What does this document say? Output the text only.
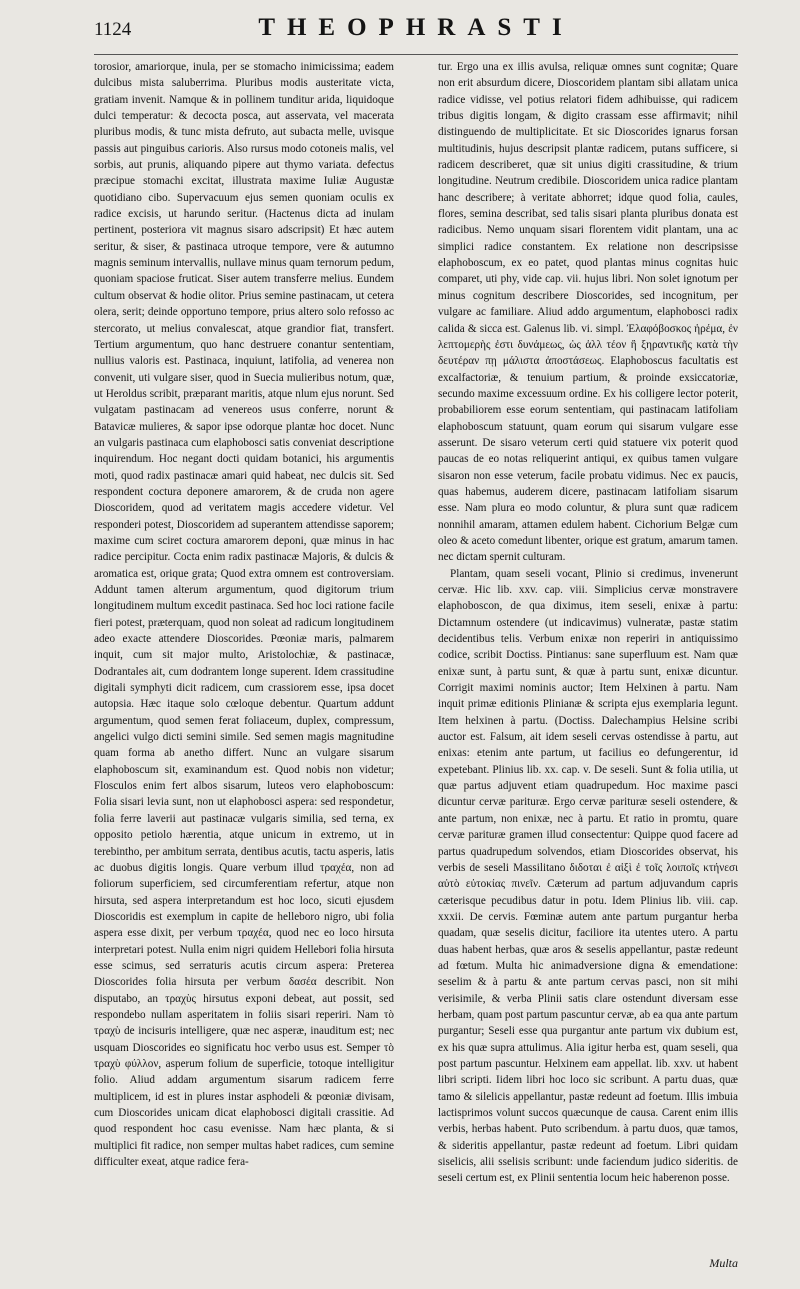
1124	THEOPHRASTI

torosior, amariorque, inula, per se stomacho inimicissima; eadem dulcibus mista saluberrima. Pluribus modis austeritate victa, gratiam invenit. Namque & in pollinem tunditur arida, liquidoque dulci temperatur: & decocta posca, aut asservata, vel macerata pluribus modis, & tunc mista defruto, aut subacta melle, uvisque passis aut pinguibus carioris. Also rursus modo cotoneis malis, vel sorbis, aut prunis, aliquando pipere aut thymo variata. defectus præcipue stomachi excitat, illustrata maxime Iuliæ Augustæ quotidiano cibo. Supervacuum ejus semen quoniam oculis ex radice excisis, ut harundo seritur. (Hactenus dicta ad inulam pertinent, posteriora vit magnus sisaro adscripsit) Et hæc autem seritur, & siser, & pastinaca utroque tempore, vere & autumno magnis seminum intervallis, nullave minus quam ternorum pedum, quoniam spaciose fruticat. Siser autem transferre melius. Eundem cultum observat & hodie olitor. Prius semine pastinacam, ut cetera olera, serit; deinde opportuno tempore, prius altero solo refosso ac stercorato, ut melius convalescat, atque grandior fiat, transfert. Tertium argumentum, quo hanc destruere conantur sententiam, nullius valoris est. Pastinaca, inquiunt, latifolia, ad venerea non convenit, uti vulgare siser, quod in Suecia mulieribus notum, quæ, ut Heroldus scribit, præparant maritis, atque nlum ejus norunt. Sed vulgatam pastinacam ad venereos usus conferre, norunt & Batavicæ mulieres, & sapor ipse odorque plantæ hoc docet. Nunc an vulgaris pastinaca cum elaphobosci satis conveniat descriptione inquirendum. Hoc negant docti quidam botanici, his argumentis moti, quod radix pastinacæ amari quid habeat, nec dulcis sit. Sed respondent coctura deponere amarorem, & de cruda non agere Dioscoridem, quod ad veritatem magis accedere videtur. Vel responderi potest, Dioscoridem ad superantem attendisse saporem; maxime cum sciret coctura amarorem deponi, quæ minus in hac radice percipitur. Cocta enim radix pastinacæ Majoris, & dulcis & aromatica est, orique grata; Quod extra omnem est controversiam. Addunt tamen alterum argumentum, quod digitorum trium longitudinem multum excedit pastinaca. Sed hoc loci ratione facile fieri potest, præterquam, quod non soleat ad radicum longitudinem adeo exacte attendere Dioscorides. Pœoniæ maris, palmarem inquit, cum sit major multo, Aristolochiæ, & pastinacæ, Dodrantales ait, cum dodrantem longe superent. Idem crassitudine digitali symphyti dicit radicem, cum crassiorem esse, ipsa docet autopsia. Hæc itaque solo cœloque debentur. Quartum addunt argumentum, quod semen ferat foliaceum, duplex, compressum, angelici vulgo dicti semini simile. Sed semen magis magnitudine quam forma ab anetho differt. Nunc an vulgare sisarum elaphoboscum sit, examinandum est. Quod nobis non videtur; Flosculos enim fert albos sisarum, luteos vero elaphoboscum: Folia sisari levia sunt, non ut elaphobosci aspera: sed respondetur, folia ferre laverii aut pastinacæ vulgaris similia, sed terna, ex opposito petiolo hærentia, atque unicum in extremo, ut in terebintho, per ambitum serrata, dentibus acutis, tactu asperis, latis ac duobus digitis longis. Quare verbum illud τραχέα, non ad foliorum superficiem, sed circumferentiam refertur, atque non hirsuta, sed aspera interpretandum est hoc loco, sicuti ejusdem Dioscoridis est exemplum in capite de helleboro nigro, ubi folia aspera esse dixit, per verbum τραχέα, quod nec eo loco hirsuta interpretari potest. Nulla enim nigri quidem Hellebori folia hirsuta esse scimus, sed serraturis acutis circum aspera: Preterea Dioscorides folia hirsuta per verbum δασέα describit. Non disputabo, an τραχὺς hirsutus exponi debeat, aut possit, sed respondebo nullam asperitatem in foliis sisari reperiri. Nam τὸ τραχὺ de incisuris intelligere, quæ nec asperæ, inauditum est; nec usquam Dioscorides eo significatu hoc verbo usus est. Semper τὸ τραχὺ φύλλον, asperum folium de superficie, totoque intelligitur folio. Aliud addam argumentum sisarum radicem ferre multiplicem, id est in plures instar asphodeli & pœoniæ divisam, cum Dioscorides unicam dicat elaphobosci digitali crassitie. Ad quod respondent hoc casu evenisse. Nam hæc planta, & si multiplici fit radice, non semper multas habet radices, cum semine difficulter exeat, atque radice fera-

tur. Ergo una ex illis avulsa, reliquæ omnes sunt cognitæ; Quare non erit absurdum dicere, Dioscoridem plantam sibi allatam unica radice vidisse, vel potius relatori fidem adhibuisse, qui radicem tribus digitis longam, & digito crassam esse affirmavit; nihil distinguendo de multiplicitate. Et sic Dioscorides ignarus forsan multitudinis, hujus descripsit plantæ radicem, putans sufficere, si radicem describeret, quæ sit unius digiti crassitudine, & trium longitudine. Neutrum credibile. Dioscoridem unica radice plantam hanc describere; à veritate abhorret; idque quod folia, caules, flores, semina describat, sed talis sisari planta pluribus donata est radicibus. Nemo unquam sisari florentem vidit plantam, una ac simplici radice constantem. Ex relatione non descripsisse elaphoboscum, ex eo patet, quod plantas minus cognitas huic comparet, uti phy, vide cap. vii. hujus libri. Non solet ignotum per minus cognitum describere Dioscorides, sed incognitum, per vulgare ac familiare. Aliud addo argumentum, elaphobosci radix calida & sicca est. Galenus lib. vi. simpl. Ἐλαφόβοσκος ἠρέμα, ἐν λεπτομερὴς ἐστι δυνάμεως, ὡς ἀλλ τέον ἢ ξηραντικῆς κατὰ τὴν δευτέραν πῃ μάλιστα ἀποστάσεως. Elaphoboscus facultatis est excalfactoriæ, & tenuium partium, & proinde exsiccatoriæ, secundo maxime excessuum ordine. Ex his colligere lector poterit, probabiliorem esse eorum sententiam, qui pastinacam latifoliam elaphoboscum statuunt, quam eorum qui sisarum vulgare esse asserunt. De sisaro veterum certi quid statuere vix poterit quod paucas de eo notas reliquerint antiqui, ex quibus tamen vulgare sisaron non esse veterum, facile probatu vidimus. Nec ex paucis, quas habemus, auderem dicere, pastinacam latifoliam sisarum esse. Nam plura eo modo coluntur, & plura sunt quæ radicem nonnihil amaram, attamen edulem habent. Cichorium Belgæ cum oleo & aceto comedunt libenter, orique est gratum, amarum tamen. nec dictam spernit culturam.

Plantam, quam seseli vocant, Plinio si credimus, invenerunt cervæ. Hic lib. xxv. cap. viii. Simplicius cervæ monstravere elaphoboscon, de qua diximus, item seseli, enixæ à partu: Dictamnum ostendere (ut indicavimus) vulneratæ, pastæ statim decidentibus telis. Verbum enixæ non reperiri in antiquissimo codice, scribit Doctiss. Pintianus: sane superfluum est. Nam quæ enixæ sunt, à partu sunt, & quæ à partu sunt, enixæ dicuntur. Corrigit maximi nominis auctor; Item Helxinen à partu. Nam inquit primæ editionis Plinianæ & scripta ejus exemplaria legunt. Item helxinen à partu. (Doctiss. Dalechampius Helsine scribi auctor est. Falsum, ait idem seseli cervas ostendisse à partu, aut enixas: etenim ante partum, ut facilius eo defungerentur, id expetebant. Plinius lib. xx. cap. v. De seseli. Sunt & folia utilia, ut quæ partus adjuvent etiam quadrupedum. Hoc maxime pasci dicuntur cervæ parituræ. Ergo cervæ parituræ seseli ostendere, & ante partum, non enixæ, nec à partu. Et ratio in promtu, quare cervæ parituræ gramen illud consectentur: Quippe quod facere ad partus quadrupedum solvendos, etiam Dioscorides observat, his verbis de seseli Massilitano διδοται ἐ αἰξὶ ἐ τοῖς λοιποῖς κτήνεσι αὐτὸ εὐτοκίας πινεῖν. Cæterum ad partum adjuvandum capris cæterisque pecudibus datur in potu. Idem Plinius lib. viii. cap. xxxii. De cervis. Fœminæ autem ante partum purgantur herba quadam, quæ seselis dicitur, faciliore ita utentes utero. A partu duas habent herbas, quæ aros & seselis appellantur, pastæ redeunt ad fœtum. Multa hic animadversione digna & emendatione: seselim & à partu & ante partum cervas pasci, non sit mihi verisimile, & verba Plinii satis clare ostendunt diversam esse herbam, quam post partum pascuntur cervæ, ab ea qua ante partum purgantur; Seseli esse qua purgantur ante partum vix dubium est, ex his quæ supra attulimus. Alia igitur herba est, quam seseli, qua post partum pascuntur. Helxinem eam appellat. lib. xxv. ut habent libri scripti. Iidem libri hoc loco sic scribunt. A partu duas, quæ tamo & silelicis appellantur, pastæ redeunt ad foetum. Illis imbuia lactisprimos volunt succos quæcunque de causa. Carent enim illis verbis, herbas habent. Puto scribendum. à partu duos, quæ tamos, & sideritis appellantur, pastæ redeunt ad foetum. Libri quidam siselicis, alii sselisis scribunt: unde faciendum judico sideritis. de seseli certum est, ex Plinii sententia locum heic haberenon posse.

Multa
